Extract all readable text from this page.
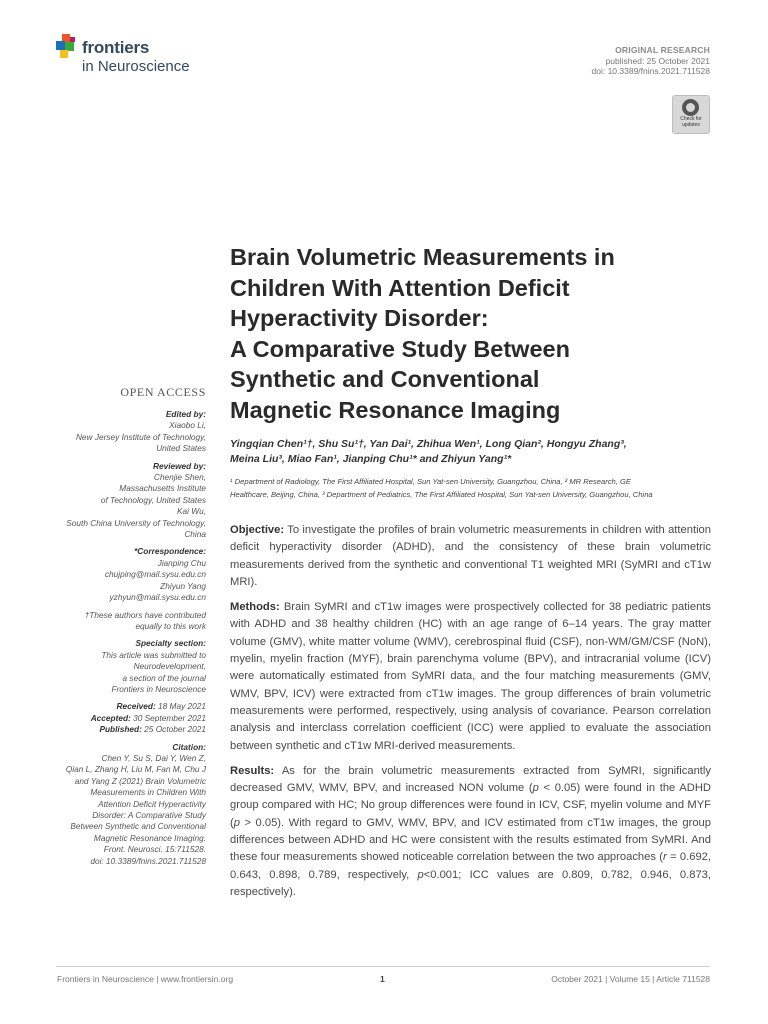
frontiers
in Neuroscience
ORIGINAL RESEARCH
published: 25 October 2021
doi: 10.3389/fnins.2021.711528
Check for
updates
Brain Volumetric Measurements in
Children With Attention Deficit
Hyperactivity Disorder:
A Comparative Study Between
Synthetic and Conventional
Magnetic Resonance Imaging
Yingqian Chen¹†, Shu Su¹†, Yan Dai¹, Zhihua Wen¹, Long Qian², Hongyu Zhang³,
Meina Liu³, Miao Fan¹, Jianping Chu¹* and Zhiyun Yang¹*
¹ Department of Radiology, The First Affiliated Hospital, Sun Yat-sen University, Guangzhou, China, ² MR Research, GE
Healthcare, Beijing, China, ³ Department of Pediatrics, The First Affiliated Hospital, Sun Yat-sen University, Guangzhou, China

Objective: To investigate the profiles of brain volumetric measurements in children with attention deficit hyperactivity disorder (ADHD), and the consistency of these brain volumetric measurements derived from the synthetic and conventional T1 weighted MRI (SyMRI and cT1w MRI).

Methods: Brain SyMRI and cT1w images were prospectively collected for 38 pediatric patients with ADHD and 38 healthy children (HC) with an age range of 6–14 years. The gray matter volume (GMV), white matter volume (WMV), cerebrospinal fluid (CSF), non-WM/GM/CSF (NoN), myelin, myelin fraction (MYF), brain parenchyma volume (BPV), and intracranial volume (ICV) were automatically estimated from SyMRI data, and the four matching measurements (GMV, WMV, BPV, ICV) were extracted from cT1w images. The group differences of brain volumetric measurements were performed, respectively, using analysis of covariance. Pearson correlation analysis and interclass correlation coefficient (ICC) were applied to evaluate the association between synthetic and cT1w MRI-derived measurements.

Results: As for the brain volumetric measurements extracted from SyMRI, significantly decreased GMV, WMV, BPV, and increased NON volume (p < 0.05) were found in the ADHD group compared with HC; No group differences were found in ICV, CSF, myelin volume and MYF (p > 0.05). With regard to GMV, WMV, BPV, and ICV estimated from cT1w images, the group differences between ADHD and HC were consistent with the results estimated from SyMRI. And these four measurements showed noticeable correlation between the two approaches (r = 0.692, 0.643, 0.898, 0.789, respectively, p<0.001; ICC values are 0.809, 0.782, 0.946, 0.873, respectively).

OPEN ACCESS
Edited by:
Xiaobo Li,
New Jersey Institute of Technology,
United States
Reviewed by:
Chenjie Shen,
Massachusetts Institute
of Technology, United States
Kai Wu,
South China University of Technology,
China
*Correspondence:
Jianping Chu
chujping@mail.sysu.edu.cn
Zhiyun Yang
yzhyun@mail.sysu.edu.cn
†These authors have contributed
equally to this work
Specialty section:
This article was submitted to
Neurodevelopment,
a section of the journal
Frontiers in Neuroscience
Received: 18 May 2021
Accepted: 30 September 2021
Published: 25 October 2021
Citation:
Chen Y, Su S, Dai Y, Wen Z,
Qian L, Zhang H, Liu M, Fan M, Chu J
and Yang Z (2021) Brain Volumetric
Measurements in Children With
Attention Deficit Hyperactivity
Disorder: A Comparative Study
Between Synthetic and Conventional
Magnetic Resonance Imaging.
Front. Neurosci. 15:711528.
doi: 10.3389/fnins.2021.711528
Frontiers in Neuroscience | www.frontiersin.org	1	October 2021 | Volume 15 | Article 711528
